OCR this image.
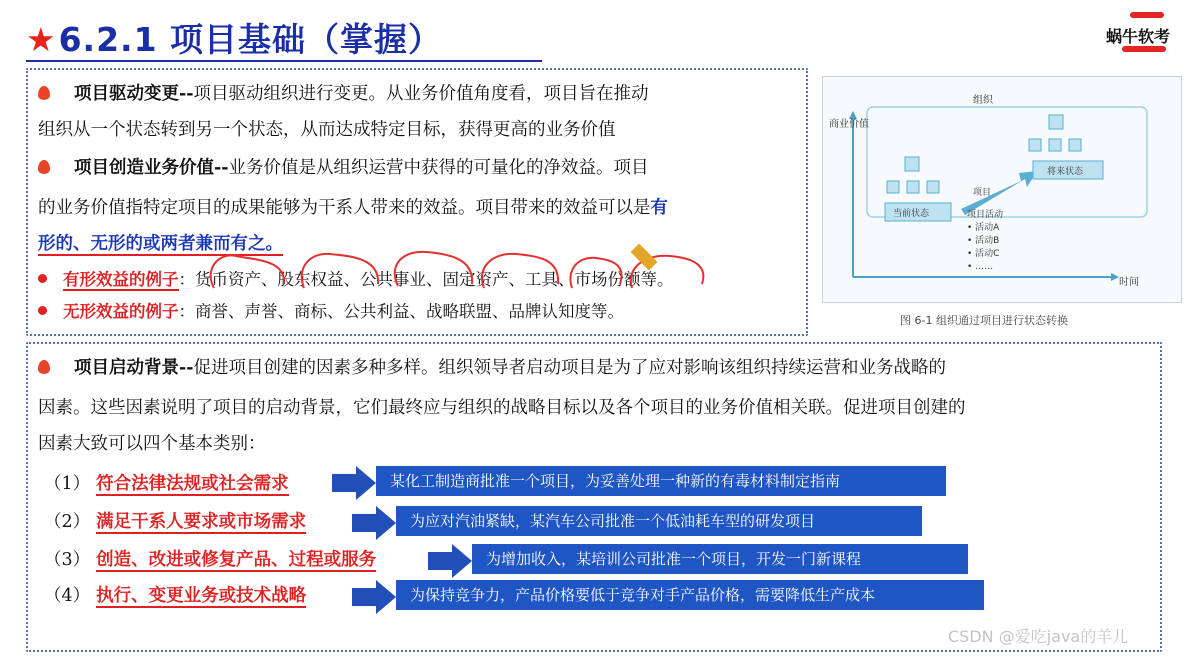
★6.2.1 项目基础（掌握）	蜗牛软考
项目驱动变更--项目驱动组织进行变更。从业务价值角度看，项目旨在推动
组织从一个状态转到另一个状态，从而达成特定目标，获得更高的业务价值
项目创造业务价值--业务价值是从组织运营中获得的可量化的净效益。项目
的业务价值指特定项目的成果能够为干系人带来的效益。项目带来的效益可以是有
形的、无形的或两者兼而有之。
有形效益的例子：货币资产、股东权益、公共事业、固定资产、工具、市场份额等。
无形效益的例子：商誉、声誉、商标、公共利益、战略联盟、品牌认知度等。
组织
商业价值
当前状态
将来状态
项目
项目活动
• 活动A
• 活动B
• 活动C
• ……
时间
图 6-1 组织通过项目进行状态转换
项目启动背景--促进项目创建的因素多种多样。组织领导者启动项目是为了应对影响该组织持续运营和业务战略的
因素。这些因素说明了项目的启动背景，它们最终应与组织的战略目标以及各个项目的业务价值相关联。促进项目创建的
因素大致可以四个基本类别：
（1） 符合法律法规或社会需求	某化工制造商批准一个项目，为妥善处理一种新的有毒材料制定指南
（2） 满足干系人要求或市场需求	为应对汽油紧缺，某汽车公司批准一个低油耗车型的研发项目
（3） 创造、改进或修复产品、过程或服务	为增加收入，某培训公司批准一个项目，开发一门新课程
（4） 执行、变更业务或技术战略	为保持竞争力，产品价格要低于竞争对手产品价格，需要降低生产成本
CSDN @爱吃java的羊儿
